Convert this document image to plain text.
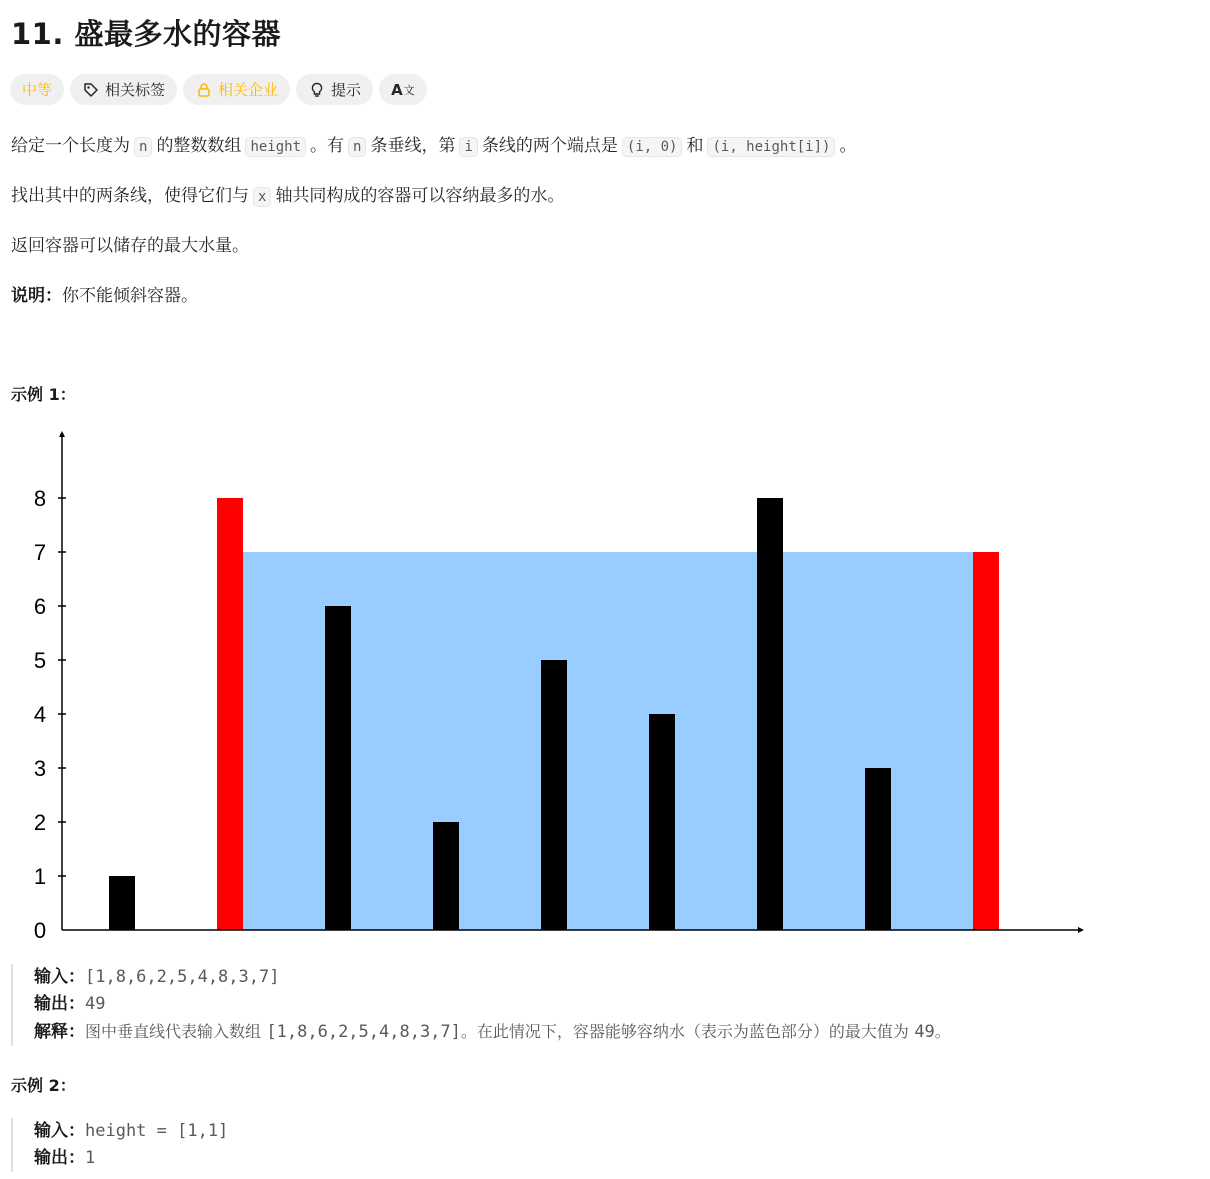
11. 盛最多水的容器
中等	相关标签	相关企业	提示 A 文
给定一个长度为 n 的整数数组 height 。有 n 条垂线，第 i 条线的两个端点是 (i, 0) 和 (i, height[i]) 。
找出其中的两条线，使得它们与 x 轴共同构成的容器可以容纳最多的水。
返回容器可以储存的最大水量。
说明：你不能倾斜容器。
示例 1：
0
1
2
3
4
5
6
7
8
输入：[1,8,6,2,5,4,8,3,7]
输出：49
解释：图中垂直线代表输入数组 [1,8,6,2,5,4,8,3,7]。在此情况下，容器能够容纳水（表示为蓝色部分）的最大值为 49。
示例 2：
输入：height = [1,1]
输出：1
